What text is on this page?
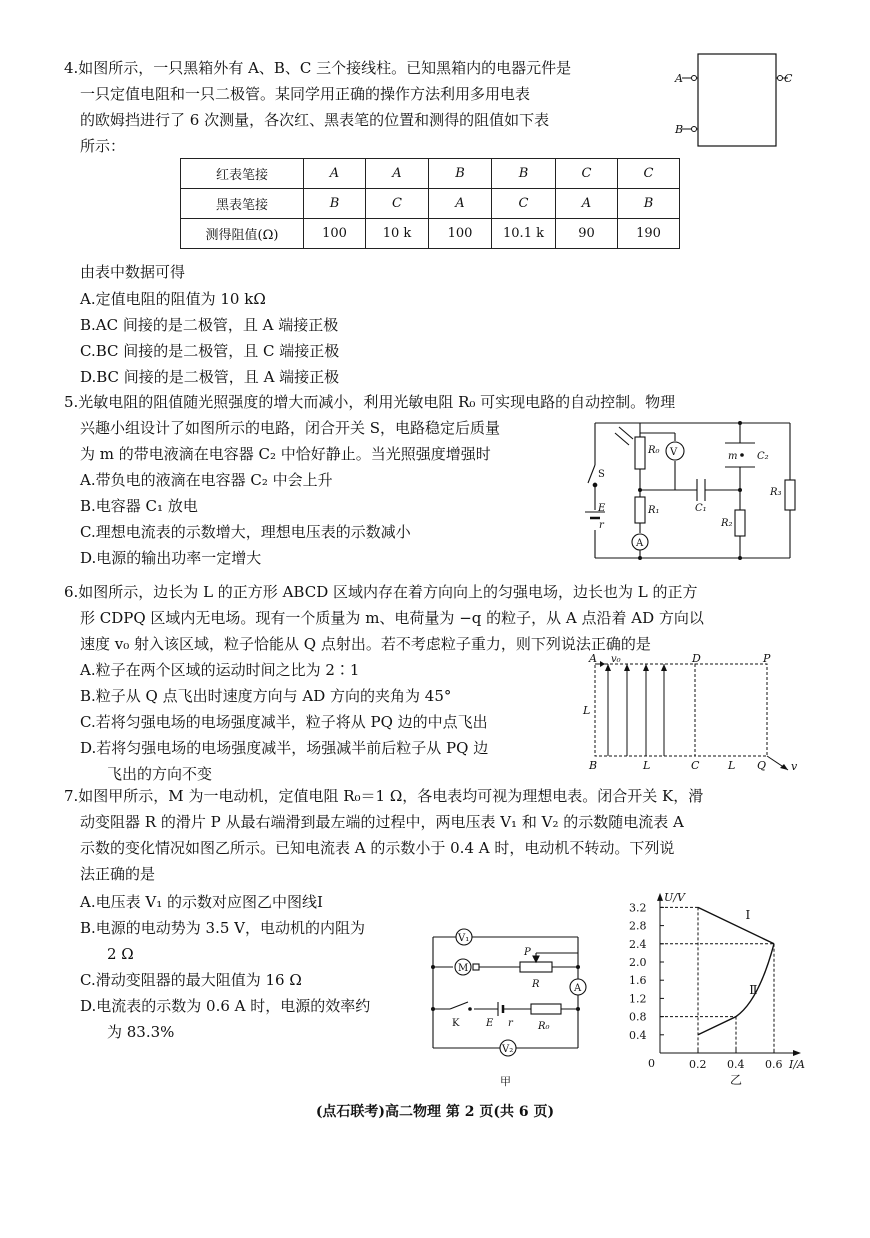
4.如图所示，一只黑箱外有 A、B、C 三个接线柱。已知黑箱内的电器元件是
一只定值电阻和一只二极管。某同学用正确的操作方法利用多用电表
的欧姆挡进行了 6 次测量，各次红、黑表笔的位置和测得的阻值如下表
所示：
A
B
C
红表笔接	A	A	B	B	C	C
黑表笔接	B	C	A	C	A	B
测得阻值(Ω)	100	10 k	100	10.1 k	90	190
由表中数据可得
A.定值电阻的阻值为 10 kΩ
B.AC 间接的是二极管，且 A 端接正极
C.BC 间接的是二极管，且 C 端接正极
D.BC 间接的是二极管，且 A 端接正极
5.光敏电阻的阻值随光照强度的增大而减小，利用光敏电阻 R₀ 可实现电路的自动控制。物理
兴趣小组设计了如图所示的电路，闭合开关 S，电路稳定后质量
为 m 的带电液滴在电容器 C₂ 中恰好静止。当光照强度增强时
A.带负电的液滴在电容器 C₂ 中会上升
B.电容器 C₁ 放电
C.理想电流表的示数增大，理想电压表的示数减小
D.电源的输出功率一定增大
R₀ V	m C₂
S
C₁
R₃
E
r
R₁
R₂
A
6.如图所示，边长为 L 的正方形 ABCD 区域内存在着方向向上的匀强电场，边长也为 L 的正方
形 CDPQ 区域内无电场。现有一个质量为 m、电荷量为 −q 的粒子，从 A 点沿着 AD 方向以
速度 v₀ 射入该区域，粒子恰能从 Q 点射出。若不考虑粒子重力，则下列说法正确的是
A.粒子在两个区域的运动时间之比为 2∶1
B.粒子从 Q 点飞出时速度方向与 AD 方向的夹角为 45°
C.若将匀强电场的电场强度减半，粒子将从 PQ 边的中点飞出
D.若将匀强电场的电场强度减半，场强减半前后粒子从 PQ 边
飞出的方向不变
A v₀	D	P
L
B	L	C	L Q v
7.如图甲所示，M 为一电动机，定值电阻 R₀＝1 Ω，各电表均可视为理想电表。闭合开关 K，滑
动变阻器 R 的滑片 P 从最右端滑到最左端的过程中，两电压表 V₁ 和 V₂ 的示数随电流表 A
示数的变化情况如图乙所示。已知电流表 A 的示数小于 0.4 A 时，电动机不转动。下列说
法正确的是
A.电压表 V₁ 的示数对应图乙中图线Ⅰ
B.电源的电动势为 3.5 V，电动机的内阻为
2 Ω
C.滑动变阻器的最大阻值为 16 Ω
D.电流表的示数为 0.6 A 时，电源的效率约
为 83.3%
V₁
M
P
R	A
K	E r	R₀
V₂
甲
U/V
I/A
0
0.4
0.8
1.2
1.6
2.0
2.4
2.8
3.2
0.2 0.4 0.6
Ⅰ
Ⅱ
乙
(点石联考)高二物理 第 2 页(共 6 页)
